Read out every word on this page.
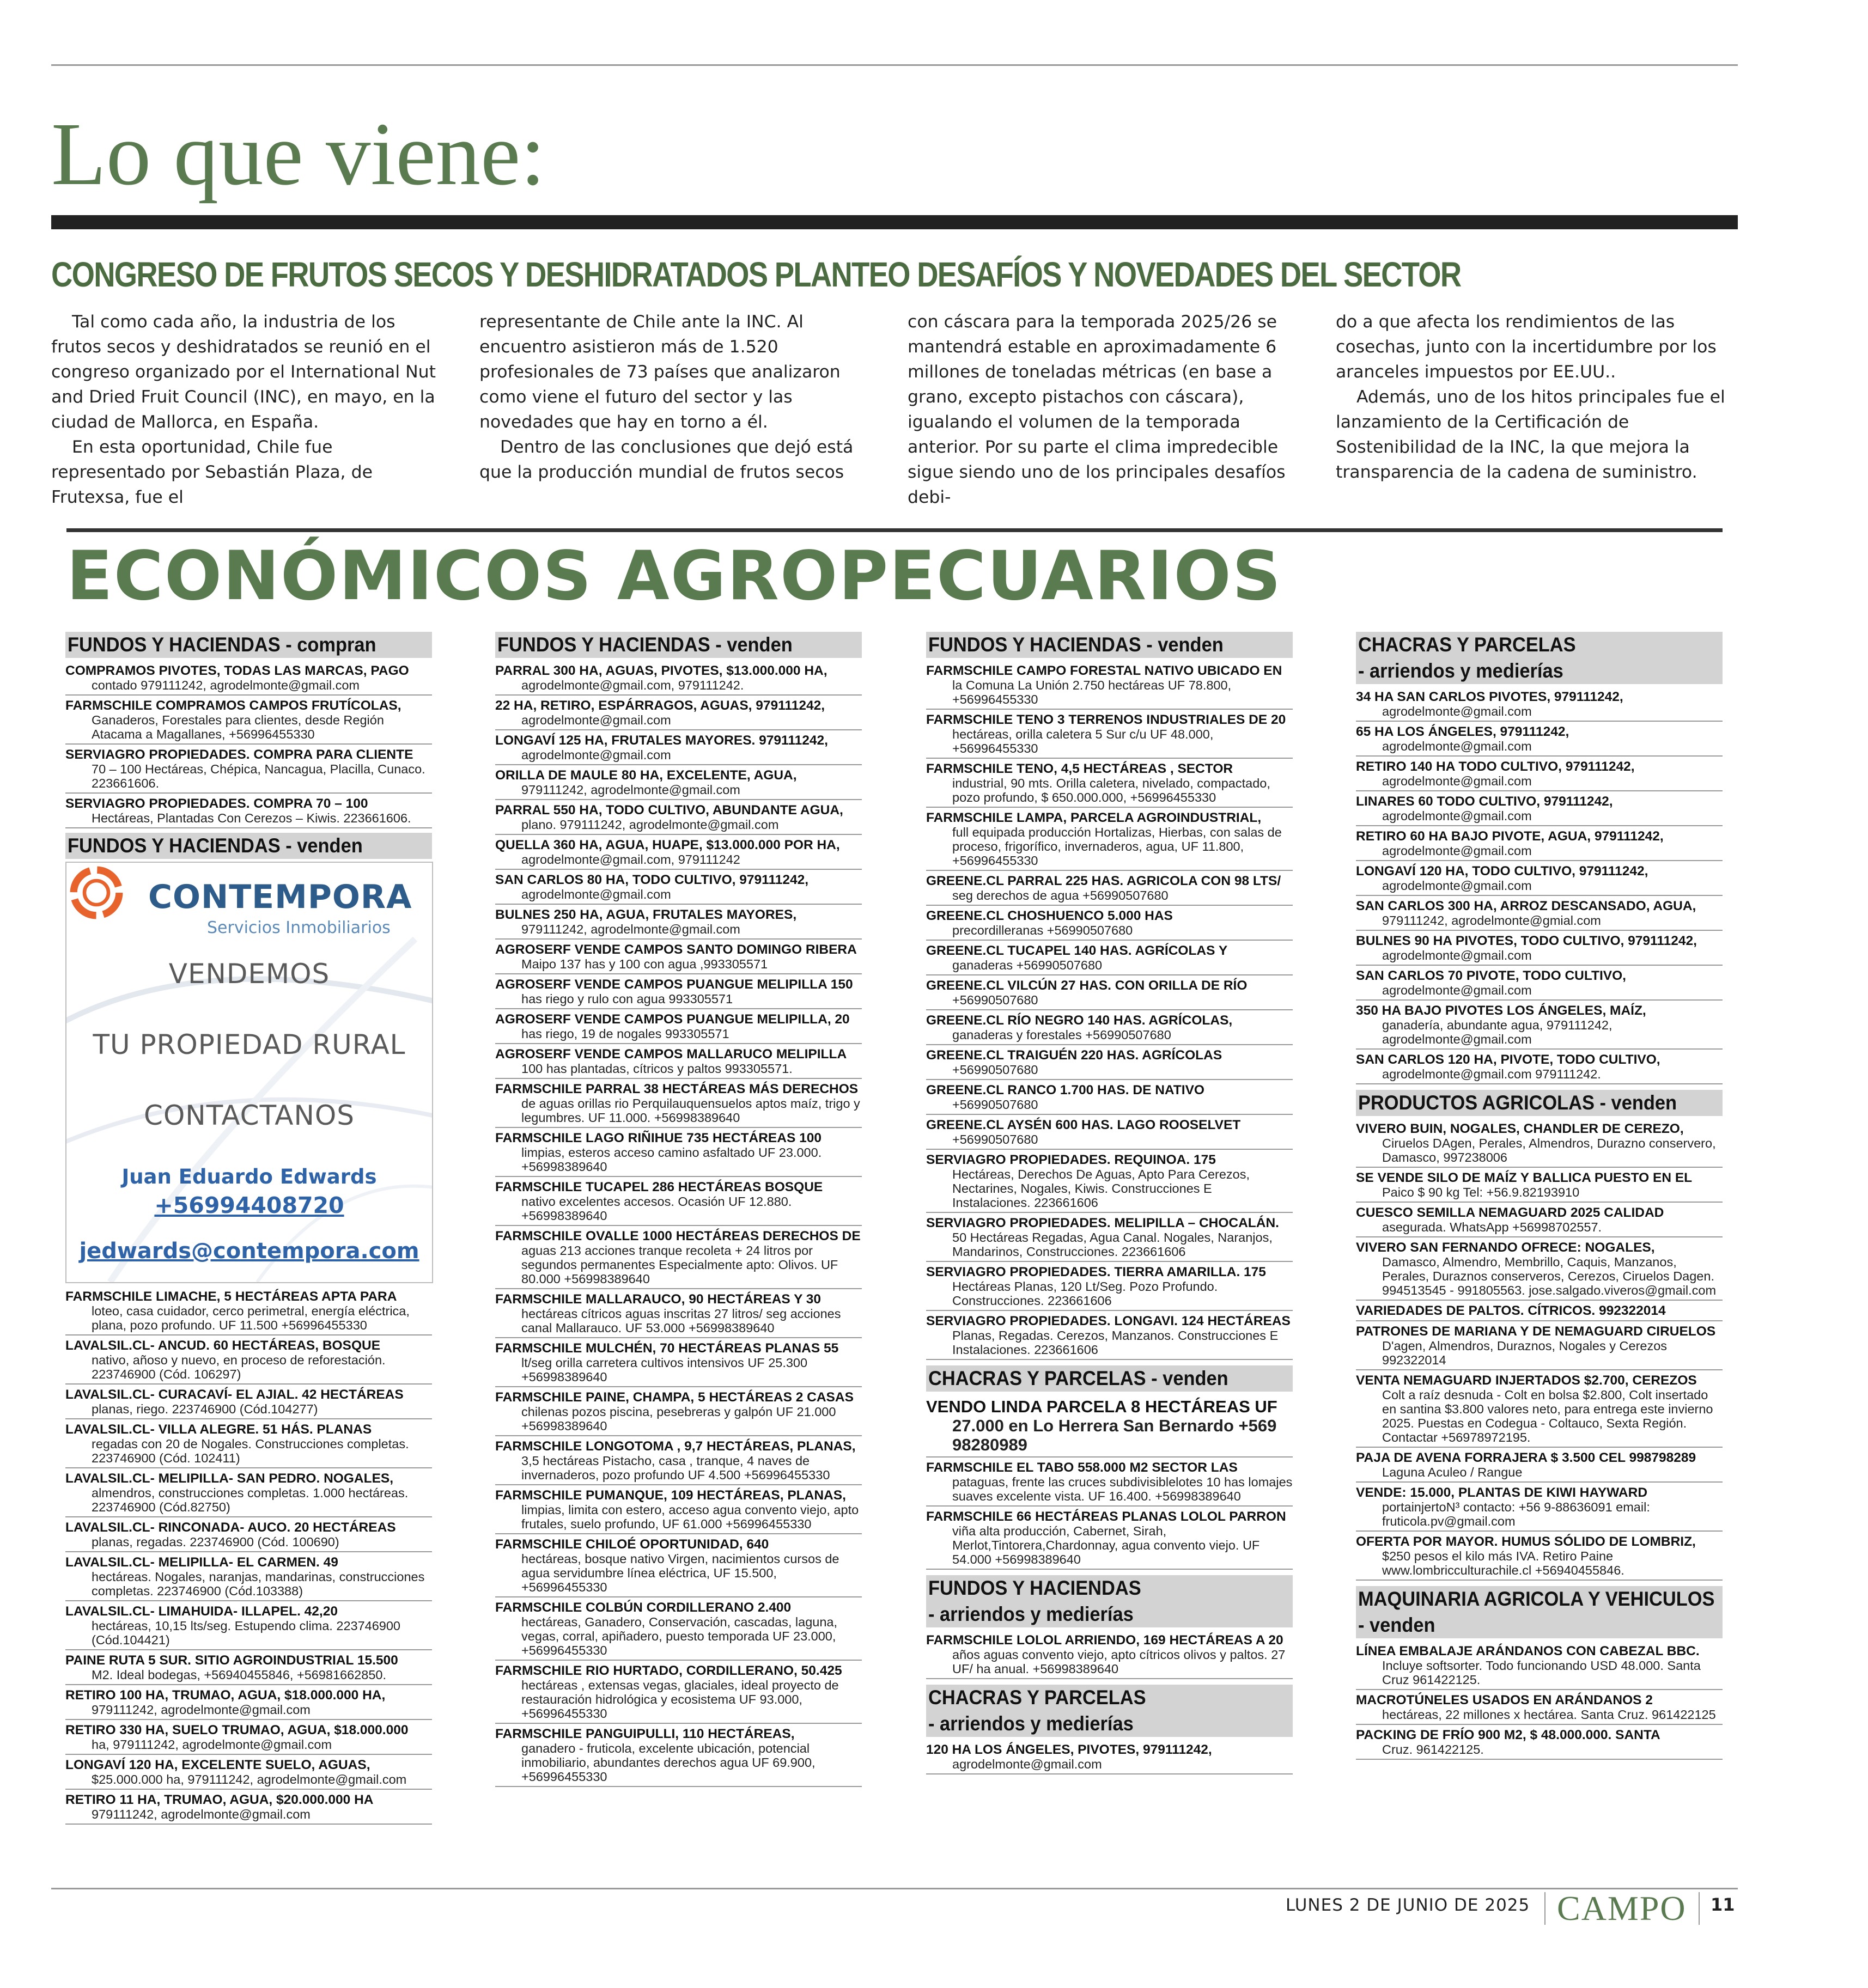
Lo que viene:
CONGRESO DE FRUTOS SECOS Y DESHIDRATADOS PLANTEO DESAFÍOS Y NOVEDADES DEL SECTOR

Tal como cada año, la industria de los frutos secos y deshidratados se reunió en el congreso organizado por el International Nut and Dried Fruit Council (INC), en mayo, en la ciudad de Mallorca, en España.

En esta oportunidad, Chile fue representado por Sebastián Plaza, de Frutexsa, fue el

representante de Chile ante la INC. Al encuentro asistieron más de 1.520 profesionales de 73 países que analizaron como viene el futuro del sector y las novedades que hay en torno a él.

Dentro de las conclusiones que dejó está que la producción mundial de frutos secos

con cáscara para la temporada 2025/26 se mantendrá estable en aproximadamente 6 millones de toneladas métricas (en base a grano, excepto pistachos con cáscara), igualando el volumen de la temporada anterior. Por su parte el clima impredecible sigue siendo uno de los principales desafíos debi-

do a que afecta los rendimientos de las cosechas, junto con la incertidumbre por los aranceles impuestos por EE.UU..

Además, uno de los hitos principales fue el lanzamiento de la Certificación de Sostenibilidad de la INC, la que mejora la transparencia de la cadena de suministro.

ECONÓMICOS AGROPECUARIOS
FUNDOS Y HACIENDAS - compran
COMPRAMOS PIVOTES, TODAS LAS MARCAS, PAGO
contado 979111242, agrodelmonte@gmail.com
FARMSCHILE COMPRAMOS CAMPOS FRUTÍCOLAS,
Ganaderos, Forestales para clientes, desde Región Atacama a Magallanes, +56996455330
SERVIAGRO PROPIEDADES. COMPRA PARA CLIENTE
70 – 100 Hectáreas, Chépica, Nancagua, Placilla, Cunaco. 223661606.
SERVIAGRO PROPIEDADES. COMPRA 70 – 100
Hectáreas, Plantadas Con Cerezos – Kiwis. 223661606.
FUNDOS Y HACIENDAS - venden
CONTEMPORA
Servicios Inmobiliarios
VENDEMOS
TU PROPIEDAD RURAL
CONTACTANOS
Juan Eduardo Edwards
+56994408720
jedwards@contempora.com
FARMSCHILE LIMACHE, 5 HECTÁREAS APTA PARA
loteo, casa cuidador, cerco perimetral, energía eléctrica, plana, pozo profundo. UF 11.500 +56996455330
LAVALSIL.CL- ANCUD. 60 HECTÁREAS, BOSQUE
nativo, añoso y nuevo, en proceso de reforestación. 223746900 (Cód. 106297)
LAVALSIL.CL- CURACAVÍ- EL AJIAL. 42 HECTÁREAS
planas, riego. 223746900 (Cód.104277)
LAVALSIL.CL- VILLA ALEGRE. 51 HÁS. PLANAS
regadas con 20 de Nogales. Construcciones completas. 223746900 (Cód. 102411)
LAVALSIL.CL- MELIPILLA- SAN PEDRO. NOGALES,
almendros, construcciones completas. 1.000 hectáreas. 223746900 (Cód.82750)
LAVALSIL.CL- RINCONADA- AUCO. 20 HECTÁREAS
planas, regadas. 223746900 (Cód. 100690)
LAVALSIL.CL- MELIPILLA- EL CARMEN. 49
hectáreas. Nogales, naranjas, mandarinas, construcciones completas. 223746900 (Cód.103388)
LAVALSIL.CL- LIMAHUIDA- ILLAPEL. 42,20
hectáreas, 10,15 lts/seg. Estupendo clima. 223746900 (Cód.104421)
PAINE RUTA 5 SUR. SITIO AGROINDUSTRIAL 15.500
M2. Ideal bodegas, +56940455846, +56981662850.
RETIRO 100 HA, TRUMAO, AGUA, $18.000.000 HA,
979111242, agrodelmonte@gmail.com
RETIRO 330 HA, SUELO TRUMAO, AGUA, $18.000.000
ha, 979111242, agrodelmonte@gmail.com
LONGAVÍ 120 HA, EXCELENTE SUELO, AGUAS,
$25.000.000 ha, 979111242, agrodelmonte@gmail.com
RETIRO 11 HA, TRUMAO, AGUA, $20.000.000 HA
979111242, agrodelmonte@gmail.com
FUNDOS Y HACIENDAS - venden
PARRAL 300 HA, AGUAS, PIVOTES, $13.000.000 HA,
agrodelmonte@gmail.com, 979111242.
22 HA, RETIRO, ESPÁRRAGOS, AGUAS, 979111242,
agrodelmonte@gmail.com
LONGAVÍ 125 HA, FRUTALES MAYORES. 979111242,
agrodelmonte@gmail.com
ORILLA DE MAULE 80 HA, EXCELENTE, AGUA,
979111242, agrodelmonte@gmail.com
PARRAL 550 HA, TODO CULTIVO, ABUNDANTE AGUA,
plano. 979111242, agrodelmonte@gmail.com
QUELLA 360 HA, AGUA, HUAPE, $13.000.000 POR HA,
agrodelmonte@gmail.com, 979111242
SAN CARLOS 80 HA, TODO CULTIVO, 979111242,
agrodelmonte@gmail.com
BULNES 250 HA, AGUA, FRUTALES MAYORES,
979111242, agrodelmonte@gmail.com
AGROSERF VENDE CAMPOS SANTO DOMINGO RIBERA
Maipo 137 has y 100 con agua ,993305571
AGROSERF VENDE CAMPOS PUANGUE MELIPILLA 150
has riego y rulo con agua 993305571
AGROSERF VENDE CAMPOS PUANGUE MELIPILLA, 20
has riego, 19 de nogales 993305571
AGROSERF VENDE CAMPOS MALLARUCO MELIPILLA
100 has plantadas, cítricos y paltos 993305571.
FARMSCHILE PARRAL 38 HECTÁREAS MÁS DERECHOS
de aguas orillas rio Perquilauquensuelos aptos maíz, trigo y legumbres. UF 11.000. +56998389640
FARMSCHILE LAGO RIÑIHUE 735 HECTÁREAS 100
limpias, esteros acceso camino asfaltado UF 23.000. +56998389640
FARMSCHILE TUCAPEL 286 HECTÁREAS BOSQUE
nativo excelentes accesos. Ocasión UF 12.880. +56998389640
FARMSCHILE OVALLE 1000 HECTÁREAS DERECHOS DE
aguas 213 acciones tranque recoleta + 24 litros por segundos permanentes Especialmente apto: Olivos. UF 80.000 +56998389640
FARMSCHILE MALLARAUCO, 90 HECTÁREAS Y 30
hectáreas cítricos aguas inscritas 27 litros/ seg acciones canal Mallarauco. UF 53.000 +56998389640
FARMSCHILE MULCHÉN, 70 HECTÁREAS PLANAS 55
lt/seg orilla carretera cultivos intensivos UF 25.300 +56998389640
FARMSCHILE PAINE, CHAMPA, 5 HECTÁREAS 2 CASAS
chilenas pozos piscina, pesebreras y galpón UF 21.000 +56998389640
FARMSCHILE LONGOTOMA , 9,7 HECTÁREAS, PLANAS,
3,5 hectáreas Pistacho, casa , tranque, 4 naves de invernaderos, pozo profundo UF 4.500 +56996455330
FARMSCHILE PUMANQUE, 109 HECTÁREAS, PLANAS,
limpias, limita con estero, acceso agua convento viejo, apto frutales, suelo profundo, UF 61.000 +56996455330
FARMSCHILE CHILOÉ OPORTUNIDAD, 640
hectáreas, bosque nativo Virgen, nacimientos cursos de agua servidumbre línea eléctrica, UF 15.500, +56996455330
FARMSCHILE COLBÚN CORDILLERANO 2.400
hectáreas, Ganadero, Conservación, cascadas, laguna, vegas, corral, apiñadero, puesto temporada UF 23.000, +56996455330
FARMSCHILE RIO HURTADO, CORDILLERANO, 50.425
hectáreas , extensas vegas, glaciales, ideal proyecto de restauración hidrológica y ecosistema UF 93.000, +56996455330
FARMSCHILE PANGUIPULLI, 110 HECTÁREAS,
ganadero - fruticola, excelente ubicación, potencial inmobiliario, abundantes derechos agua UF 69.900, +56996455330
FUNDOS Y HACIENDAS - venden
FARMSCHILE CAMPO FORESTAL NATIVO UBICADO EN
la Comuna La Unión 2.750 hectáreas UF 78.800, +56996455330
FARMSCHILE TENO 3 TERRENOS INDUSTRIALES DE 20
hectáreas, orilla caletera 5 Sur c/u UF 48.000, +56996455330
FARMSCHILE TENO, 4,5 HECTÁREAS , SECTOR
industrial, 90 mts. Orilla caletera, nivelado, compactado, pozo profundo, $ 650.000.000, +56996455330
FARMSCHILE LAMPA, PARCELA AGROINDUSTRIAL,
full equipada producción Hortalizas, Hierbas, con salas de proceso, frigorífico, invernaderos, agua, UF 11.800, +56996455330
GREENE.CL PARRAL 225 HAS. AGRICOLA CON 98 LTS/
seg derechos de agua +56990507680
GREENE.CL CHOSHUENCO 5.000 HAS
precordilleranas +56990507680
GREENE.CL TUCAPEL 140 HAS. AGRÍCOLAS Y
ganaderas +56990507680
GREENE.CL VILCÚN 27 HAS. CON ORILLA DE RÍO
+56990507680
GREENE.CL RÍO NEGRO 140 HAS. AGRÍCOLAS,
ganaderas y forestales +56990507680
GREENE.CL TRAIGUÉN 220 HAS. AGRÍCOLAS
+56990507680
GREENE.CL RANCO 1.700 HAS. DE NATIVO
+56990507680
GREENE.CL AYSÉN 600 HAS. LAGO ROOSELVET
+56990507680
SERVIAGRO PROPIEDADES. REQUINOA. 175
Hectáreas, Derechos De Aguas, Apto Para Cerezos, Nectarines, Nogales, Kiwis. Construcciones E Instalaciones. 223661606
SERVIAGRO PROPIEDADES. MELIPILLA – CHOCALÁN.
50 Hectáreas Regadas, Agua Canal. Nogales, Naranjos, Mandarinos, Construcciones. 223661606
SERVIAGRO PROPIEDADES. TIERRA AMARILLA. 175
Hectáreas Planas, 120 Lt/Seg. Pozo Profundo. Construcciones. 223661606
SERVIAGRO PROPIEDADES. LONGAVI. 124 HECTÁREAS
Planas, Regadas. Cerezos, Manzanos. Construcciones E Instalaciones. 223661606
CHACRAS Y PARCELAS - venden
VENDO LINDA PARCELA 8 HECTÁREAS UF
27.000 en Lo Herrera San Bernardo +569 98280989
FARMSCHILE EL TABO 558.000 M2 SECTOR LAS
pataguas, frente las cruces subdivisiblelotes 10 has lomajes suaves excelente vista. UF 16.400. +56998389640
FARMSCHILE 66 HECTÁREAS PLANAS LOLOL PARRON
viña alta producción, Cabernet, Sirah, Merlot,Tintorera,Chardonnay, agua convento viejo. UF 54.000 +56998389640
FUNDOS Y HACIENDAS
- arriendos y medierías
FARMSCHILE LOLOL ARRIENDO, 169 HECTÁREAS A 20
años aguas convento viejo, apto cítricos olivos y paltos. 27 UF/ ha anual. +56998389640
CHACRAS Y PARCELAS
- arriendos y medierías
120 HA LOS ÁNGELES, PIVOTES, 979111242,
agrodelmonte@gmail.com
CHACRAS Y PARCELAS
- arriendos y medierías
34 HA SAN CARLOS PIVOTES, 979111242,
agrodelmonte@gmail.com
65 HA LOS ÁNGELES, 979111242,
agrodelmonte@gmail.com
RETIRO 140 HA TODO CULTIVO, 979111242,
agrodelmonte@gmail.com
LINARES 60 TODO CULTIVO, 979111242,
agrodelmonte@gmail.com
RETIRO 60 HA BAJO PIVOTE, AGUA, 979111242,
agrodelmonte@gmail.com
LONGAVÍ 120 HA, TODO CULTIVO, 979111242,
agrodelmonte@gmail.com
SAN CARLOS 300 HA, ARROZ DESCANSADO, AGUA,
979111242, agrodelmonte@gmial.com
BULNES 90 HA PIVOTES, TODO CULTIVO, 979111242,
agrodelmonte@gmail.com
SAN CARLOS 70 PIVOTE, TODO CULTIVO,
agrodelmonte@gmail.com
350 HA BAJO PIVOTES LOS ÁNGELES, MAÍZ,
ganadería, abundante agua, 979111242, agrodelmonte@gmail.com
SAN CARLOS 120 HA, PIVOTE, TODO CULTIVO,
agrodelmonte@gmail.com 979111242.
PRODUCTOS AGRICOLAS - venden
VIVERO BUIN, NOGALES, CHANDLER DE CEREZO,
Ciruelos DAgen, Perales, Almendros, Durazno conservero, Damasco, 997238006
SE VENDE SILO DE MAÍZ Y BALLICA PUESTO EN EL
Paico $ 90 kg Tel: +56.9.82193910
CUESCO SEMILLA NEMAGUARD 2025 CALIDAD
asegurada. WhatsApp +56998702557.
VIVERO SAN FERNANDO OFRECE: NOGALES,
Damasco, Almendro, Membrillo, Caquis, Manzanos, Perales, Duraznos conserveros, Cerezos, Ciruelos Dagen. 994513545 - 991805563. jose.salgado.viveros@gmail.com
VARIEDADES DE PALTOS. CÍTRICOS. 992322014
PATRONES DE MARIANA Y DE NEMAGUARD CIRUELOS
D'agen, Almendros, Duraznos, Nogales y Cerezos 992322014
VENTA NEMAGUARD INJERTADOS $2.700, CEREZOS
Colt a raíz desnuda - Colt en bolsa $2.800, Colt insertado en santina $3.800 valores neto, para entrega este invierno 2025. Puestas en Codegua - Coltauco, Sexta Región. Contactar +56978972195.
PAJA DE AVENA FORRAJERA $ 3.500 CEL 998798289
Laguna Aculeo / Rangue
VENDE: 15.000, PLANTAS DE KIWI HAYWARD
portainjertoN³ contacto: +56 9-88636091 email: fruticola.pv@gmail.com
OFERTA POR MAYOR. HUMUS SÓLIDO DE LOMBRIZ,
$250 pesos el kilo más IVA. Retiro Paine www.lombricculturachile.cl +56940455846.
MAQUINARIA AGRICOLA Y VEHICULOS
- venden
LÍNEA EMBALAJE ARÁNDANOS CON CABEZAL BBC.
Incluye softsorter. Todo funcionando USD 48.000. Santa Cruz 961422125.
MACROTÚNELES USADOS EN ARÁNDANOS 2
hectáreas, 22 millones x hectárea. Santa Cruz. 961422125
PACKING DE FRÍO 900 M2, $ 48.000.000. SANTA
Cruz. 961422125.
LUNES 2 DE JUNIO DE 2025 CAMPO 11
